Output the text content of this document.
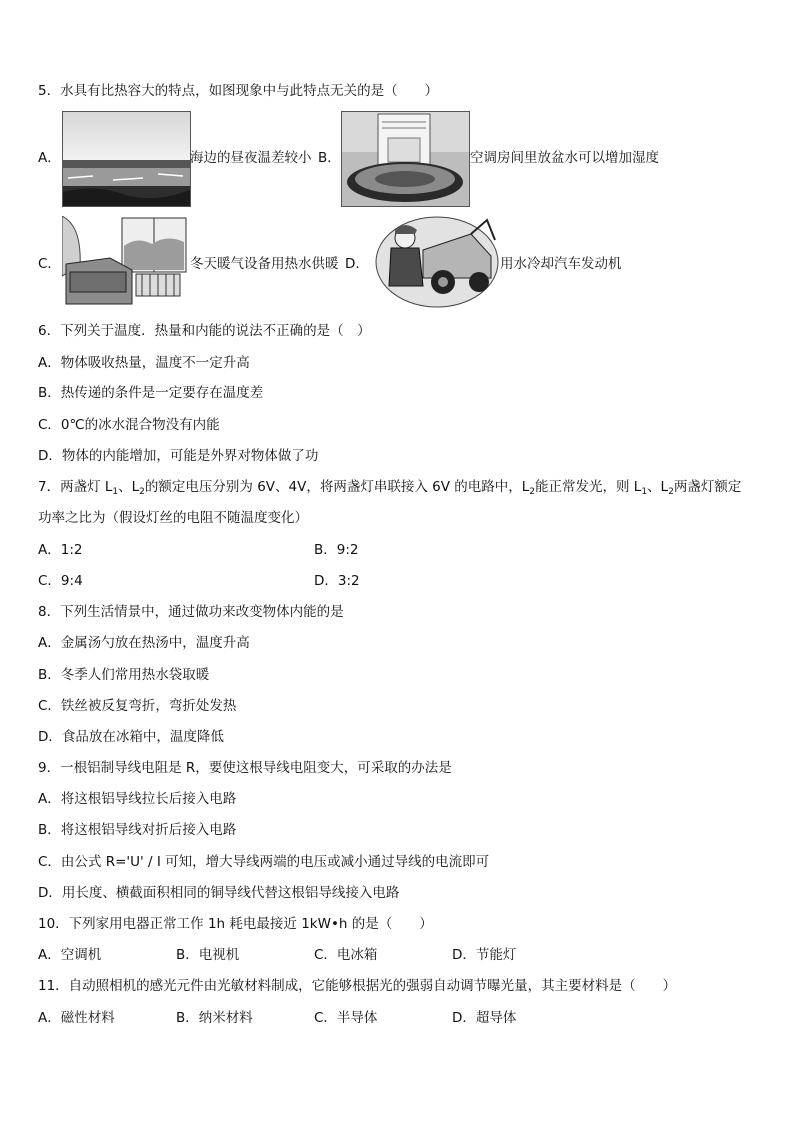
5．水具有比热容大的特点，如图现象中与此特点无关的是（　　）
A．	海边的昼夜温差较小 B．	空调房间里放盆水可以增加湿度
C．	冬天暖气设备用热水供暖 D．	用水冷却汽车发动机
6．下列关于温度．热量和内能的说法不正确的是（　）
A．物体吸收热量，温度不一定升高
B．热传递的条件是一定要存在温度差
C．0℃的冰水混合物没有内能
D．物体的内能增加，可能是外界对物体做了功
7．两盏灯 $L_1$、$L_2$的额定电压分别为 6V、4V，将两盏灯串联接入 6V 的电路中，$L_2$能正常发光，则 $L_1$、$L_2$两盏灯额定
功率之比为（假设灯丝的电阻不随温度变化）
A．1:2	B．9:2
C．9:4	D．3:2
8．下列生活情景中，通过做功来改变物体内能的是
A．金属汤勺放在热汤中，温度升高
B．冬季人们常用热水袋取暖
C．铁丝被反复弯折，弯折处发热
D．食品放在冰箱中，温度降低
9．一根铝制导线电阻是 R，要使这根导线电阻变大，可采取的办法是
A．将这根铝导线拉长后接入电路
B．将这根铝导线对折后接入电路
C．由公式 R='U' / I 可知，增大导线两端的电压或减小通过导线的电流即可
D．用长度、横截面积相同的铜导线代替这根铝导线接入电路
10．下列家用电器正常工作 1h 耗电最接近 1kW•h 的是（　　）
A．空调机	B．电视机	C．电冰箱	D．节能灯
11．自动照相机的感光元件由光敏材料制成，它能够根据光的强弱自动调节曝光量，其主要材料是（　　）
A．磁性材料	B．纳米材料	C．半导体	D．超导体
